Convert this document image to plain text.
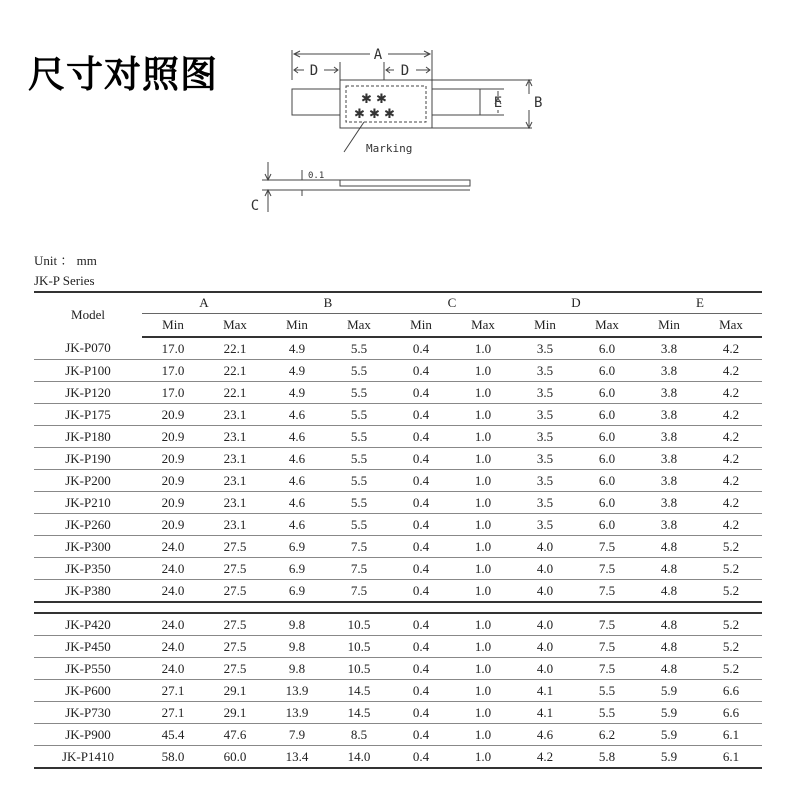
尺寸对照图	A
D	D
E
C
Marking
0.1
✱ ✱
✱ ✱ ✱
B
Unit ： mm
JK-P Series
Model	A		B		C		D		E	
	Min	Max	Min	Max	Min	Max	Min	Max	Min	Max
JK-P070	17.0	22.1	4.9	5.5	0.4	1.0	3.5	6.0	3.8	4.2
JK-P100	17.0	22.1	4.9	5.5	0.4	1.0	3.5	6.0	3.8	4.2
JK-P120	17.0	22.1	4.9	5.5	0.4	1.0	3.5	6.0	3.8	4.2
JK-P175	20.9	23.1	4.6	5.5	0.4	1.0	3.5	6.0	3.8	4.2
JK-P180	20.9	23.1	4.6	5.5	0.4	1.0	3.5	6.0	3.8	4.2
JK-P190	20.9	23.1	4.6	5.5	0.4	1.0	3.5	6.0	3.8	4.2
JK-P200	20.9	23.1	4.6	5.5	0.4	1.0	3.5	6.0	3.8	4.2
JK-P210	20.9	23.1	4.6	5.5	0.4	1.0	3.5	6.0	3.8	4.2
JK-P260	20.9	23.1	4.6	5.5	0.4	1.0	3.5	6.0	3.8	4.2
JK-P300	24.0	27.5	6.9	7.5	0.4	1.0	4.0	7.5	4.8	5.2
JK-P350	24.0	27.5	6.9	7.5	0.4	1.0	4.0	7.5	4.8	5.2
JK-P380	24.0	27.5	6.9	7.5	0.4	1.0	4.0	7.5	4.8	5.2

JK-P420	24.0	27.5	9.8	10.5	0.4	1.0	4.0	7.5	4.8	5.2
JK-P450	24.0	27.5	9.8	10.5	0.4	1.0	4.0	7.5	4.8	5.2
JK-P550	24.0	27.5	9.8	10.5	0.4	1.0	4.0	7.5	4.8	5.2
JK-P600	27.1	29.1	13.9	14.5	0.4	1.0	4.1	5.5	5.9	6.6
JK-P730	27.1	29.1	13.9	14.5	0.4	1.0	4.1	5.5	5.9	6.6
JK-P900	45.4	47.6	7.9	8.5	0.4	1.0	4.6	6.2	5.9	6.1
JK-P1410	58.0	60.0	13.4	14.0	0.4	1.0	4.2	5.8	5.9	6.1
